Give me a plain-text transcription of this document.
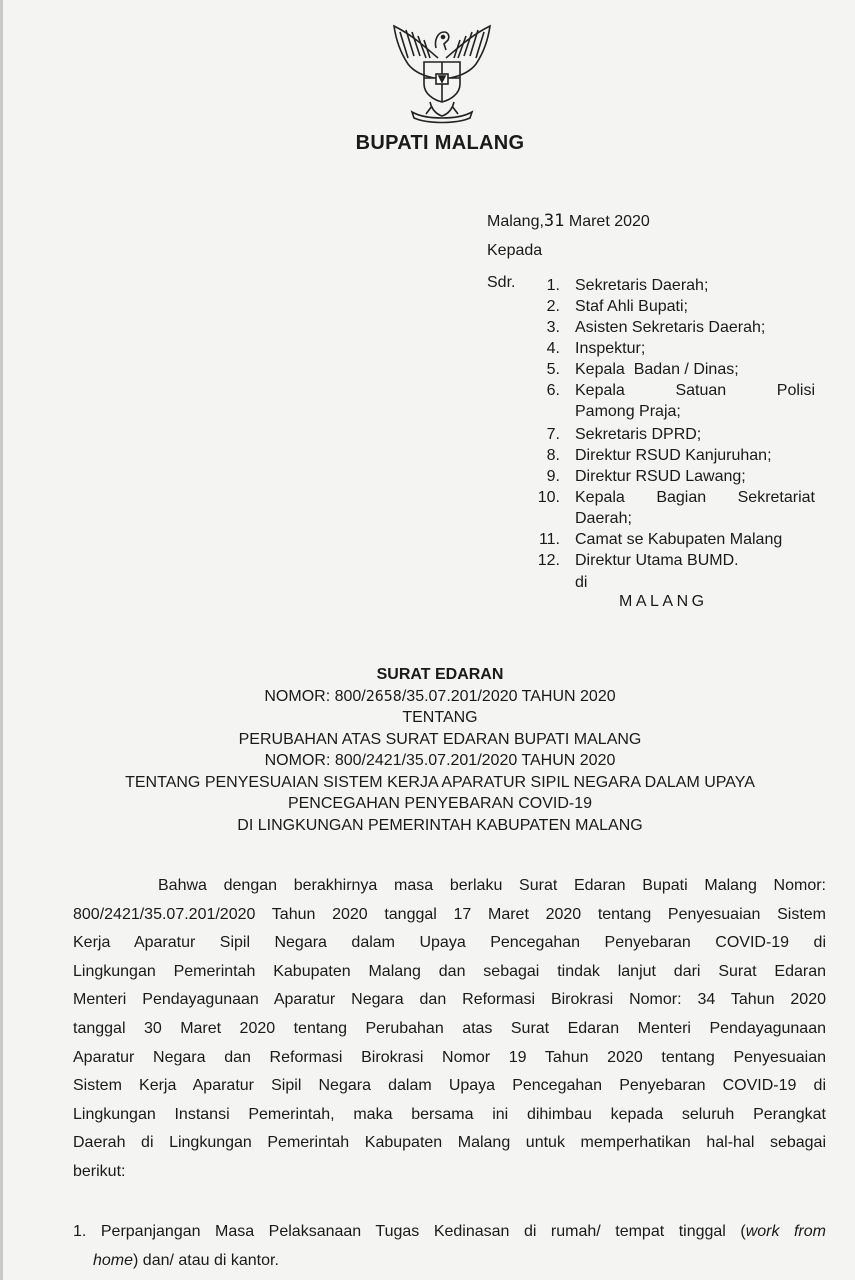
BUPATI MALANG
Malang,31 Maret 2020
Kepada
Sdr.	1. Sekretaris Daerah;
2. Staf Ahli Bupati;
3. Asisten Sekretaris Daerah;
4. Inspektur;
5. Kepala  Badan / Dinas;
6. Kepala Satuan Polisi
Pamong Praja;
7. Sekretaris DPRD;
8. Direktur RSUD Kanjuruhan;
9. Direktur RSUD Lawang;
10. Kepala Bagian Sekretariat
Daerah;
11. Camat se Kabupaten Malang
12. Direktur Utama BUMD.
di
MALANG
SURAT EDARAN
NOMOR: 800/2658/35.07.201/2020 TAHUN 2020
TENTANG
PERUBAHAN ATAS SURAT EDARAN BUPATI MALANG
NOMOR: 800/2421/35.07.201/2020 TAHUN 2020
TENTANG PENYESUAIAN SISTEM KERJA APARATUR SIPIL NEGARA DALAM UPAYA
PENCEGAHAN PENYEBARAN COVID-19
DI LINGKUNGAN PEMERINTAH KABUPATEN MALANG
Bahwa dengan berakhirnya masa berlaku Surat Edaran Bupati Malang Nomor:
800/2421/35.07.201/2020 Tahun 2020 tanggal 17 Maret 2020 tentang Penyesuaian Sistem
Kerja Aparatur Sipil Negara dalam Upaya Pencegahan Penyebaran COVID-19 di
Lingkungan Pemerintah Kabupaten Malang dan sebagai tindak lanjut dari Surat Edaran
Menteri Pendayagunaan Aparatur Negara dan Reformasi Birokrasi Nomor: 34 Tahun 2020
tanggal 30 Maret 2020 tentang Perubahan atas Surat Edaran Menteri Pendayagunaan
Aparatur Negara dan Reformasi Birokrasi Nomor 19 Tahun 2020 tentang Penyesuaian
Sistem Kerja Aparatur Sipil Negara dalam Upaya Pencegahan Penyebaran COVID-19 di
Lingkungan Instansi Pemerintah, maka bersama ini dihimbau kepada seluruh Perangkat
Daerah di Lingkungan Pemerintah Kabupaten Malang untuk memperhatikan hal-hal sebagai
berikut:
1. Perpanjangan Masa Pelaksanaan Tugas Kedinasan di rumah/ tempat tinggal (work from
home) dan/ atau di kantor.
